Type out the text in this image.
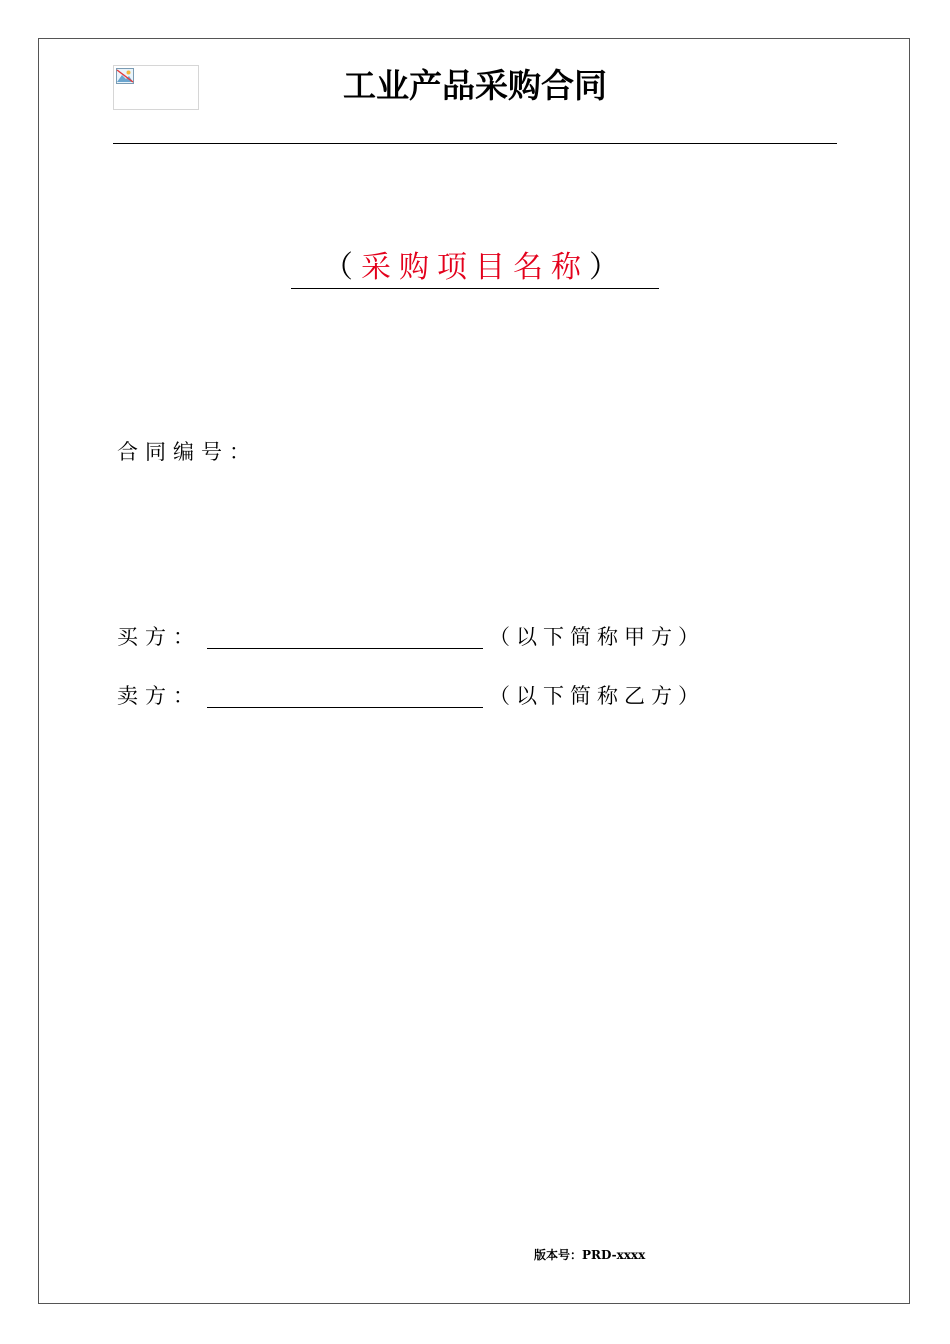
工业产品采购合同
（采购项目名称）
合同编号：
买方：	（以下简称甲方）
卖方：	（以下简称乙方）
版本号：PRD-xxxx
